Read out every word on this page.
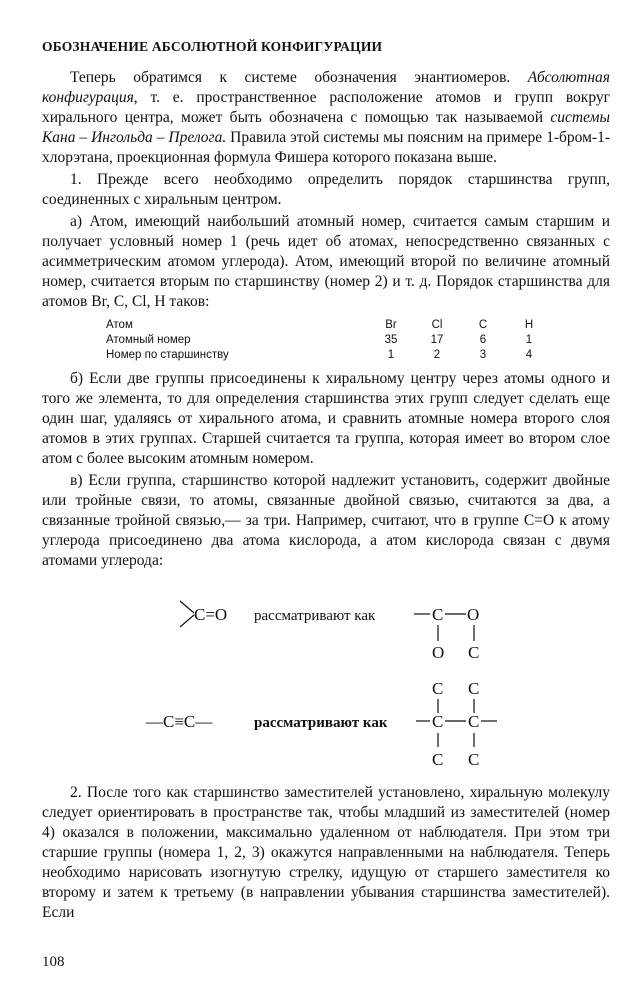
ОБОЗНАЧЕНИЕ АБСОЛЮТНОЙ КОНФИГУРАЦИИ

Теперь обратимся к системе обозначения энантиомеров. Абсолютная конфигурация, т. е. пространственное расположение атомов и групп вокруг хирального центра, может быть обозначена с помощью так называемой системы Кана – Ингольда – Прелога. Правила этой системы мы поясним на примере 1-бром-1-хлорэтана, проекционная формула Фишера которого показана выше.

1. Прежде всего необходимо определить порядок старшинства групп, соединенных с хиральным центром.

а) Атом, имеющий наибольший атомный номер, считается самым старшим и получает условный номер 1 (речь идет об атомах, непосредственно связанных с асимметрическим атомом углерода). Атом, имеющий второй по величине атомный номер, считается вторым по старшинству (номер 2) и т. д. Порядок старшинства для атомов Br, C, Cl, H таков:

Атом	Br	Cl	C	H
Атомный номер	35	17	6	1
Номер по старшинству	1	2	3	4

б) Если две группы присоединены к хиральному центру через атомы одного и того же элемента, то для определения старшинства этих групп следует сделать еще один шаг, удаляясь от хирального атома, и сравнить атомные номера второго слоя атомов в этих группах. Старшей считается та группа, которая имеет во втором слое атом с более высоким атомным номером.

в) Если группа, старшинство которой надлежит установить, содержит двойные или тройные связи, то атомы, связанные двойной связью, считаются за два, а связанные тройной связью,— за три. Например, считают, что в группе C=O к атому углерода присоединено два атома кислорода, а атом кислорода связан с двумя атомами углерода:

C=O рассматривают как	C O
O C
—C≡C—	рассматривают как
C C
C C
C C

2. После того как старшинство заместителей установлено, хиральную молекулу следует ориентировать в пространстве так, чтобы младший из заместителей (номер 4) оказался в положении, максимально удаленном от наблюдателя. При этом три старшие группы (номера 1, 2, 3) окажутся направленными на наблюдателя. Теперь необходимо нарисовать изогнутую стрелку, идущую от старшего заместителя ко второму и затем к третьему (в направлении убывания старшинства заместителей). Если

108
